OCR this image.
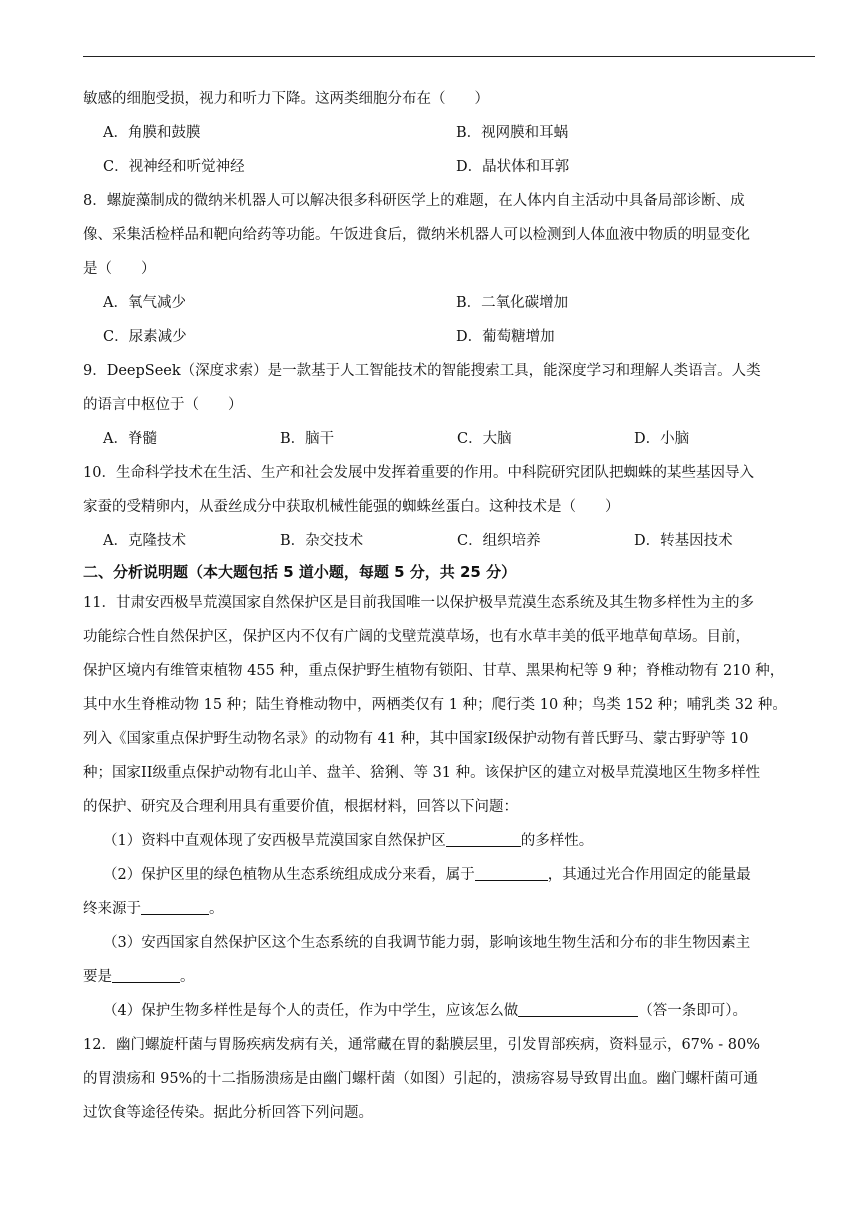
敏感的细胞受损，视力和听力下降。这两类细胞分布在（　　）
A．角膜和鼓膜	B．视网膜和耳蜗
C．视神经和听觉神经	D．晶状体和耳郭
8．螺旋藻制成的微纳米机器人可以解决很多科研医学上的难题，在人体内自主活动中具备局部诊断、成
像、采集活检样品和靶向给药等功能。午饭进食后，微纳米机器人可以检测到人体血液中物质的明显变化
是（　　）
A．氧气减少	B．二氧化碳增加
C．尿素减少	D．葡萄糖增加
9．DeepSeek（深度求索）是一款基于人工智能技术的智能搜索工具，能深度学习和理解人类语言。人类
的语言中枢位于（　　）
A．脊髓	B．脑干	C．大脑	D．小脑
10．生命科学技术在生活、生产和社会发展中发挥着重要的作用。中科院研究团队把蜘蛛的某些基因导入
家蚕的受精卵内，从蚕丝成分中获取机械性能强的蜘蛛丝蛋白。这种技术是（　　）
A．克隆技术	B．杂交技术	C．组织培养	D．转基因技术
二、分析说明题（本大题包括 5 道小题，每题 5 分，共 25 分）
11．甘肃安西极旱荒漠国家自然保护区是目前我国唯一以保护极旱荒漠生态系统及其生物多样性为主的多
功能综合性自然保护区，保护区内不仅有广阔的戈壁荒漠草场，也有水草丰美的低平地草甸草场。目前，
保护区境内有维管束植物 455 种，重点保护野生植物有锁阳、甘草、黑果枸杞等 9 种；脊椎动物有 210 种，
其中水生脊椎动物 15 种；陆生脊椎动物中，两栖类仅有 1 种；爬行类 10 种；鸟类 152 种；哺乳类 32 种。
列入《国家重点保护野生动物名录》的动物有 41 种，其中国家I级保护动物有普氏野马、蒙古野驴等 10
种；国家II级重点保护动物有北山羊、盘羊、猞猁、等 31 种。该保护区的建立对极旱荒漠地区生物多样性
的保护、研究及合理利用具有重要价值，根据材料，回答以下问题：
（1）资料中直观体现了安西极旱荒漠国家自然保护区	的多样性。
（2）保护区里的绿色植物从生态系统组成成分来看，属于	，其通过光合作用固定的能量最
终来源于	。
（3）安西国家自然保护区这个生态系统的自我调节能力弱，影响该地生物生活和分布的非生物因素主
要是	。
（4）保护生物多样性是每个人的责任，作为中学生，应该怎么做	（答一条即可）。
12．幽门螺旋杆菌与胃肠疾病发病有关，通常藏在胃的黏膜层里，引发胃部疾病，资料显示，67% - 80%
的胃溃疡和 95%的十二指肠溃疡是由幽门螺杆菌（如图）引起的，溃疡容易导致胃出血。幽门螺杆菌可通
过饮食等途径传染。据此分析回答下列问题。
